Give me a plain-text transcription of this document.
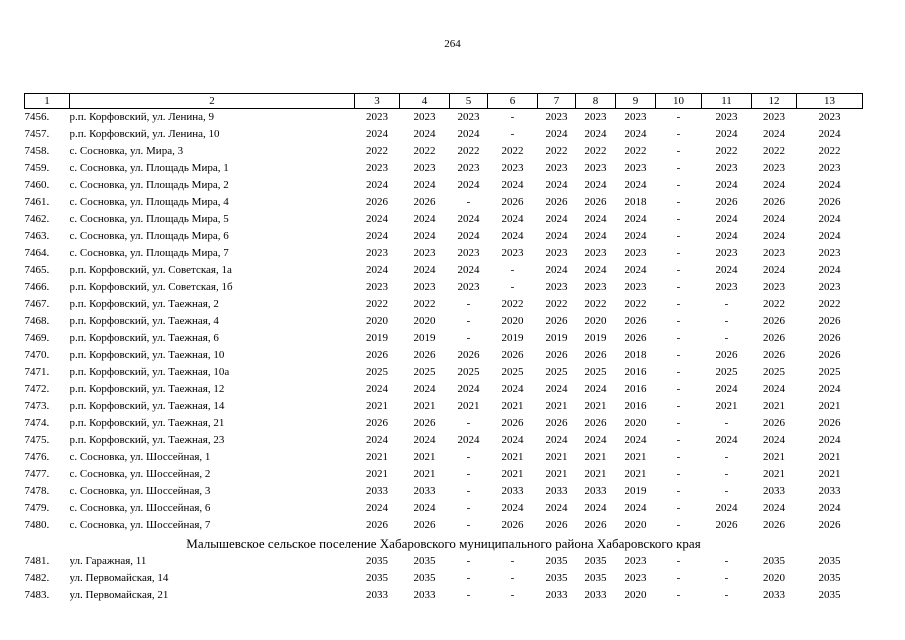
264
1	2	3	4	5	6	7	8	9	10	11	12	13
7456.	р.п. Корфовский, ул. Ленина, 9	2023	2023	2023	-	2023	2023	2023	-	2023	2023	2023
7457.	р.п. Корфовский, ул. Ленина, 10	2024	2024	2024	-	2024	2024	2024	-	2024	2024	2024
7458.	с. Сосновка, ул. Мира, 3	2022	2022	2022	2022	2022	2022	2022	-	2022	2022	2022
7459.	с. Сосновка, ул. Площадь Мира, 1	2023	2023	2023	2023	2023	2023	2023	-	2023	2023	2023
7460.	с. Сосновка, ул. Площадь Мира, 2	2024	2024	2024	2024	2024	2024	2024	-	2024	2024	2024
7461.	с. Сосновка, ул. Площадь Мира, 4	2026	2026	-	2026	2026	2026	2018	-	2026	2026	2026
7462.	с. Сосновка, ул. Площадь Мира, 5	2024	2024	2024	2024	2024	2024	2024	-	2024	2024	2024
7463.	с. Сосновка, ул. Площадь Мира, 6	2024	2024	2024	2024	2024	2024	2024	-	2024	2024	2024
7464.	с. Сосновка, ул. Площадь Мира, 7	2023	2023	2023	2023	2023	2023	2023	-	2023	2023	2023
7465.	р.п. Корфовский, ул. Советская, 1а	2024	2024	2024	-	2024	2024	2024	-	2024	2024	2024
7466.	р.п. Корфовский, ул. Советская, 1б	2023	2023	2023	-	2023	2023	2023	-	2023	2023	2023
7467.	р.п. Корфовский, ул. Таежная, 2	2022	2022	-	2022	2022	2022	2022	-	-	2022	2022
7468.	р.п. Корфовский, ул. Таежная, 4	2020	2020	-	2020	2026	2020	2026	-	-	2026	2026
7469.	р.п. Корфовский, ул. Таежная, 6	2019	2019	-	2019	2019	2019	2026	-	-	2026	2026
7470.	р.п. Корфовский, ул. Таежная, 10	2026	2026	2026	2026	2026	2026	2018	-	2026	2026	2026
7471.	р.п. Корфовский, ул. Таежная, 10а	2025	2025	2025	2025	2025	2025	2016	-	2025	2025	2025
7472.	р.п. Корфовский, ул. Таежная, 12	2024	2024	2024	2024	2024	2024	2016	-	2024	2024	2024
7473.	р.п. Корфовский, ул. Таежная, 14	2021	2021	2021	2021	2021	2021	2016	-	2021	2021	2021
7474.	р.п. Корфовский, ул. Таежная, 21	2026	2026	-	2026	2026	2026	2020	-	-	2026	2026
7475.	р.п. Корфовский, ул. Таежная, 23	2024	2024	2024	2024	2024	2024	2024	-	2024	2024	2024
7476.	с. Сосновка, ул. Шоссейная, 1	2021	2021	-	2021	2021	2021	2021	-	-	2021	2021
7477.	с. Сосновка, ул. Шоссейная, 2	2021	2021	-	2021	2021	2021	2021	-	-	2021	2021
7478.	с. Сосновка, ул. Шоссейная, 3	2033	2033	-	2033	2033	2033	2019	-	-	2033	2033
7479.	с. Сосновка, ул. Шоссейная, 6	2024	2024	-	2024	2024	2024	2024	-	2024	2024	2024
7480.	с. Сосновка, ул. Шоссейная, 7	2026	2026	-	2026	2026	2026	2020	-	2026	2026	2026
Малышевское сельское поселение Хабаровского муниципального района Хабаровского края												
7481.	ул. Гаражная, 11	2035	2035	-	-	2035	2035	2023	-	-	2035	2035
7482.	ул. Первомайская, 14	2035	2035	-	-	2035	2035	2023	-	-	2020	2035
7483.	ул. Первомайская, 21	2033	2033	-	-	2033	2033	2020	-	-	2033	2035
